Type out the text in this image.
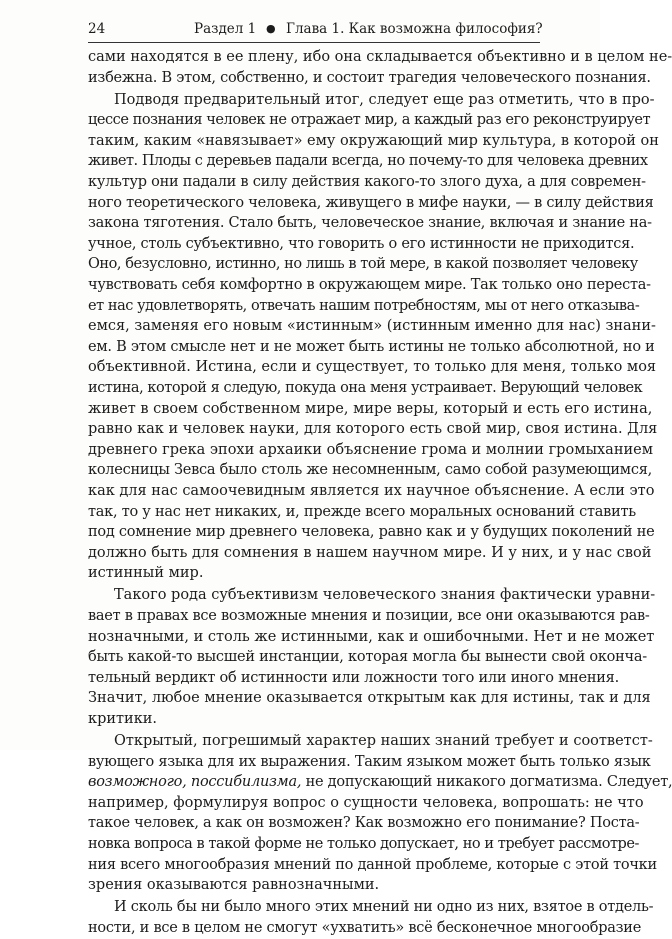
24	Раздел 1 ● Глава 1. Как возможна философия?
сами находятся в ее плену, ибо она складывается объективно и в целом не-
избежна. В этом, собственно, и состоит трагедия человеческого познания.
Подводя предварительный итог, следует еще раз отметить, что в про-
цессе познания человек не отражает мир, а каждый раз его реконструирует
таким, каким «навязывает» ему окружающий мир культура, в которой он
живет. Плоды с деревьев падали всегда, но почему-то для человека древних
культур они падали в силу действия какого-то злого духа, а для современ-
ного теоретического человека, живущего в мифе науки, — в силу действия
закона тяготения. Стало быть, человеческое знание, включая и знание на-
учное, столь субъективно, что говорить о его истинности не приходится.
Оно, безусловно, истинно, но лишь в той мере, в какой позволяет человеку
чувствовать себя комфортно в окружающем мире. Так только оно переста-
ет нас удовлетворять, отвечать нашим потребностям, мы от него отказыва-
емся, заменяя его новым «истинным» (истинным именно для нас) знани-
ем. В этом смысле нет и не может быть истины не только абсолютной, но и
объективной. Истина, если и существует, то только для меня, только моя
истина, которой я следую, покуда она меня устраивает. Верующий человек
живет в своем собственном мире, мире веры, который и есть его истина,
равно как и человек науки, для которого есть свой мир, своя истина. Для
древнего грека эпохи архаики объяснение грома и молнии громыханием
колесницы Зевса было столь же несомненным, само собой разумеющимся,
как для нас самоочевидным является их научное объяснение. А если это
так, то у нас нет никаких, и, прежде всего моральных оснований ставить
под сомнение мир древнего человека, равно как и у будущих поколений не
должно быть для сомнения в нашем научном мире. И у них, и у нас свой
истинный мир.
Такого рода субъективизм человеческого знания фактически уравни-
вает в правах все возможные мнения и позиции, все они оказываются рав-
нозначными, и столь же истинными, как и ошибочными. Нет и не может
быть какой-то высшей инстанции, которая могла бы вынести свой оконча-
тельный вердикт об истинности или ложности того или иного мнения.
Значит, любое мнение оказывается открытым как для истины, так и для
критики.
Открытый, погрешимый характер наших знаний требует и соответст-
вующего языка для их выражения. Таким языком может быть только язык
возможного, поссибилизма, не допускающий никакого догматизма. Следует,
например, формулируя вопрос о сущности человека, вопрошать: не что
такое человек, а как он возможен? Как возможно его понимание? Поста-
новка вопроса в такой форме не только допускает, но и требует рассмотре-
ния всего многообразия мнений по данной проблеме, которые с этой точки
зрения оказываются равнозначными.
И сколь бы ни было много этих мнений ни одно из них, взятое в отдель-
ности, и все в целом не смогут «ухватить» всё бесконечное многообразие
